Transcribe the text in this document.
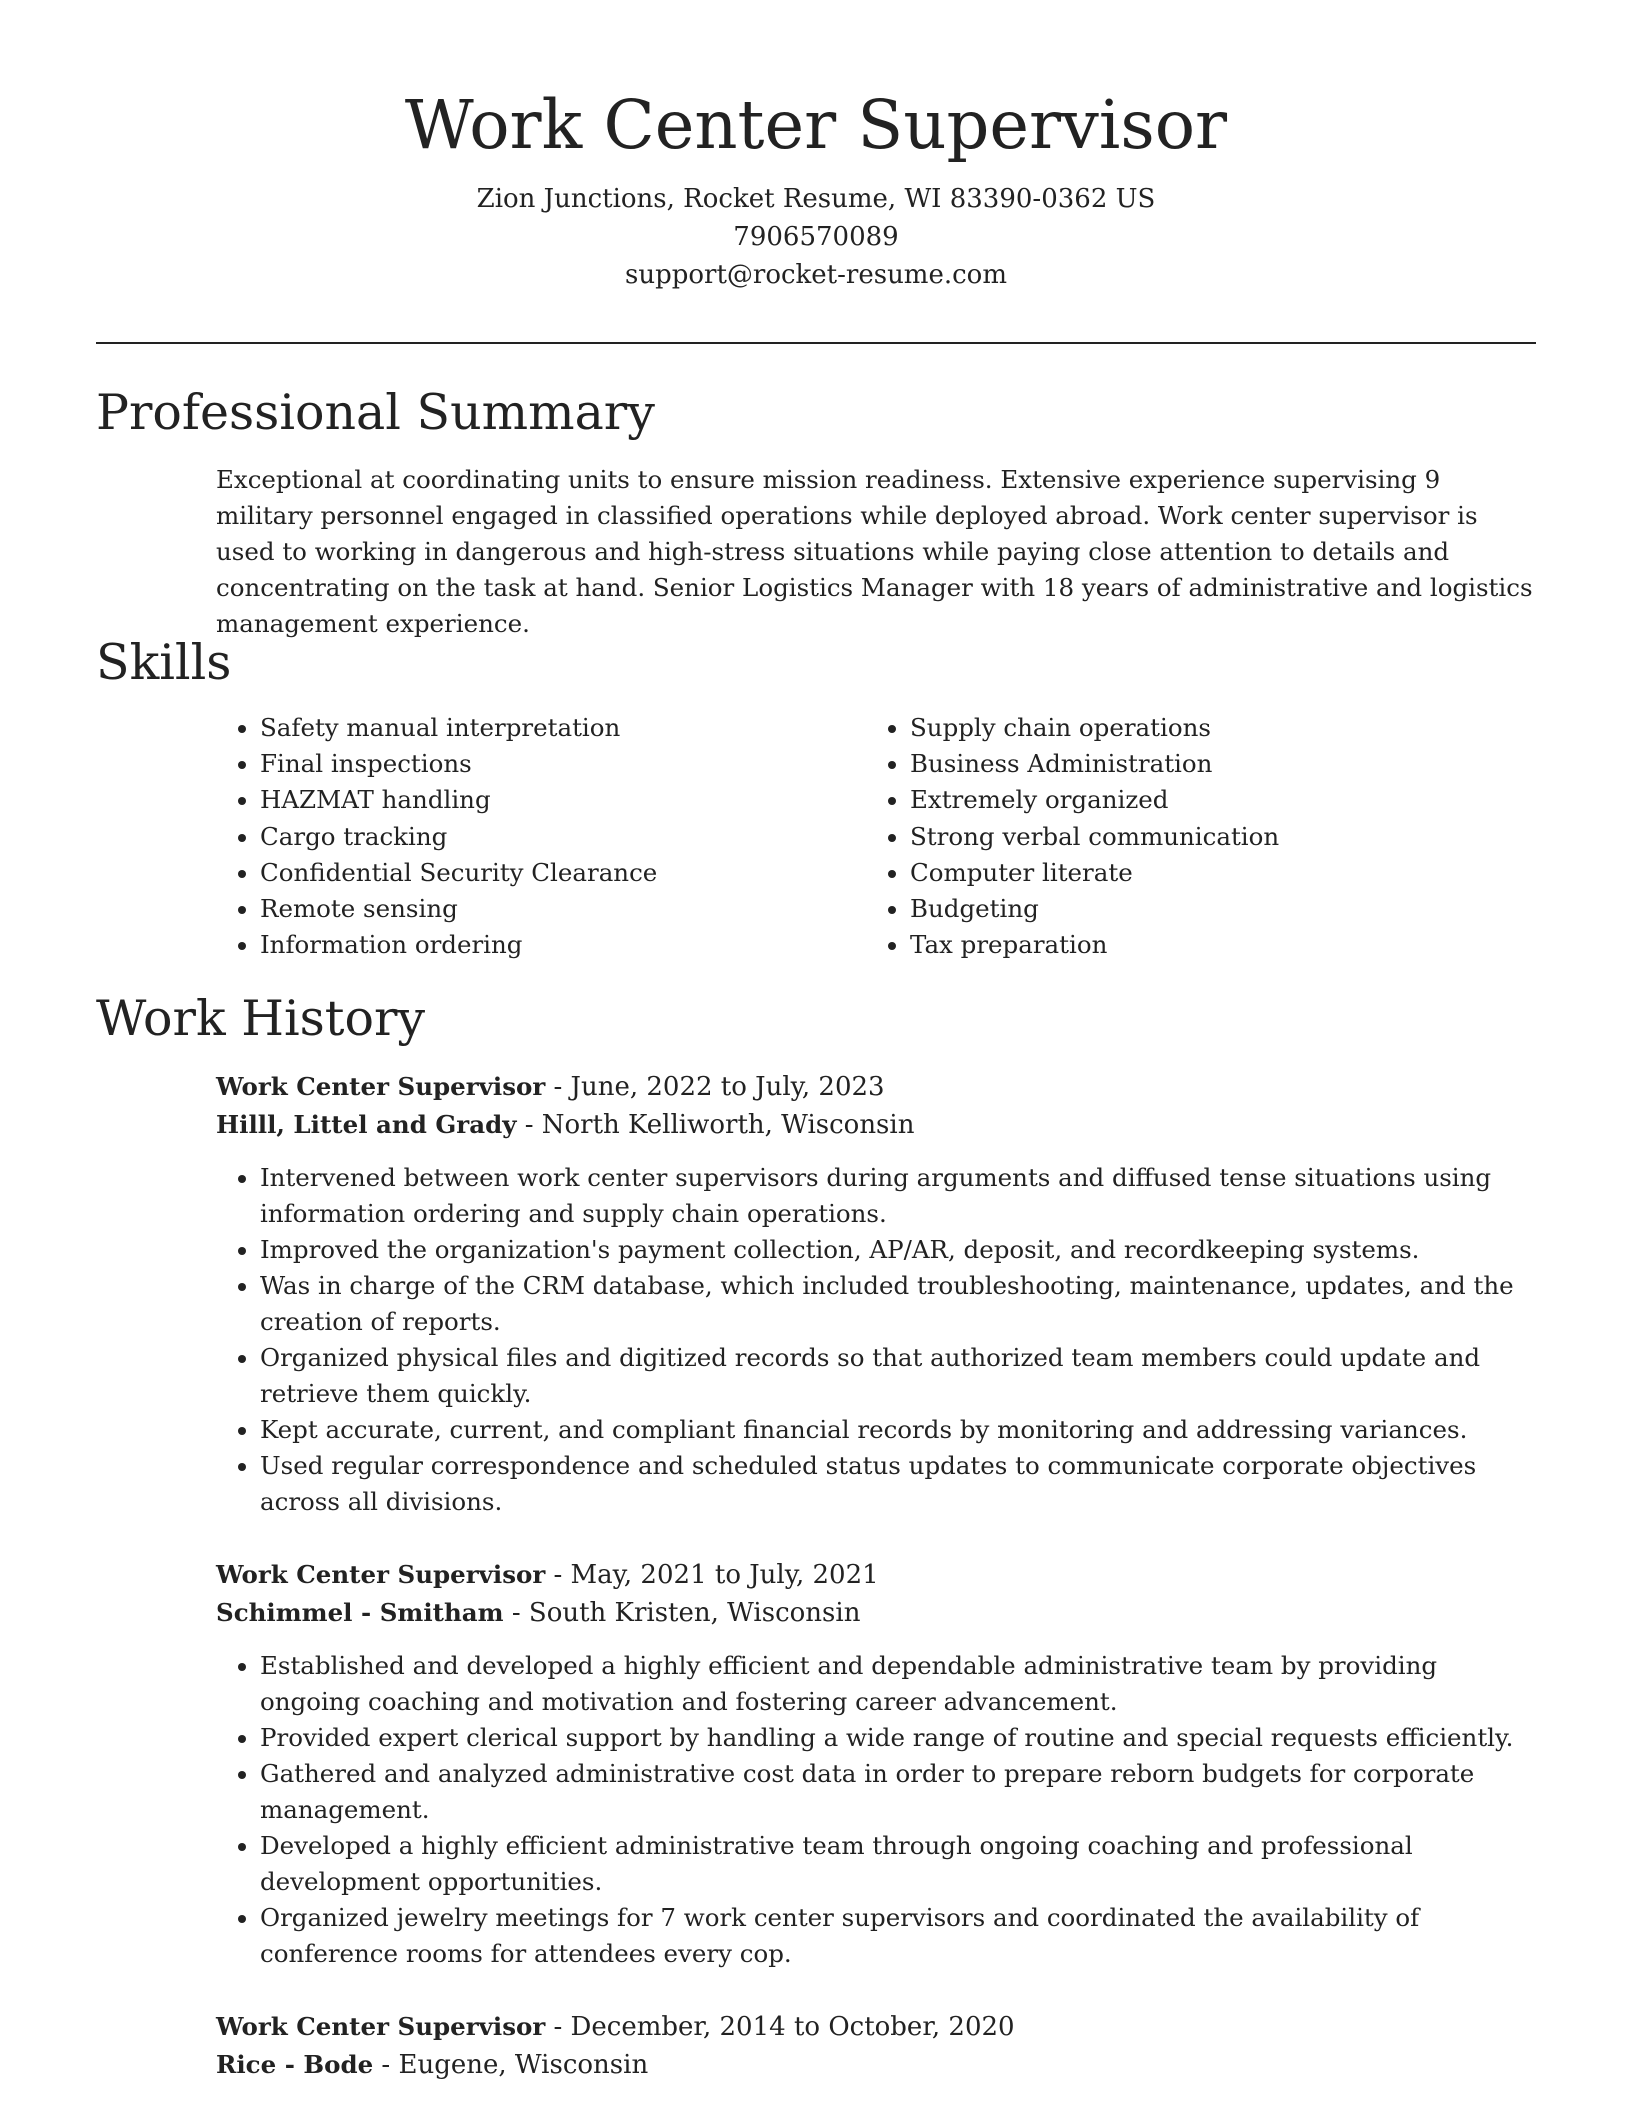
Work Center Supervisor
Zion Junctions, Rocket Resume, WI 83390-0362 US
7906570089
support@rocket-resume.com
Professional Summary
Exceptional at coordinating units to ensure mission readiness. Extensive experience supervising 9 military personnel engaged in classified operations while deployed abroad. Work center supervisor is used to working in dangerous and high-stress situations while paying close attention to details and concentrating on the task at hand. Senior Logistics Manager with 18 years of administrative and logistics management experience.
Skills
• Safety manual interpretation
• Final inspections
• HAZMAT handling
• Cargo tracking
• Confidential Security Clearance
• Remote sensing
• Information ordering
• Supply chain operations
• Business Administration
• Extremely organized
• Strong verbal communication
• Computer literate
• Budgeting
• Tax preparation
Work History
Work Center Supervisor - June, 2022 to July, 2023
Hilll, Littel and Grady - North Kelliworth, Wisconsin
• Intervened between work center supervisors during arguments and diffused tense situations using information ordering and supply chain operations.
• Improved the organization's payment collection, AP/AR, deposit, and recordkeeping systems.
• Was in charge of the CRM database, which included troubleshooting, maintenance, updates, and the creation of reports.
• Organized physical files and digitized records so that authorized team members could update and retrieve them quickly.
• Kept accurate, current, and compliant financial records by monitoring and addressing variances.
• Used regular correspondence and scheduled status updates to communicate corporate objectives across all divisions.
Work Center Supervisor - May, 2021 to July, 2021
Schimmel - Smitham - South Kristen, Wisconsin
• Established and developed a highly efficient and dependable administrative team by providing ongoing coaching and motivation and fostering career advancement.
• Provided expert clerical support by handling a wide range of routine and special requests efficiently.
• Gathered and analyzed administrative cost data in order to prepare reborn budgets for corporate management.
• Developed a highly efficient administrative team through ongoing coaching and professional development opportunities.
• Organized jewelry meetings for 7 work center supervisors and coordinated the availability of conference rooms for attendees every cop.
Work Center Supervisor - December, 2014 to October, 2020
Rice - Bode - Eugene, Wisconsin
